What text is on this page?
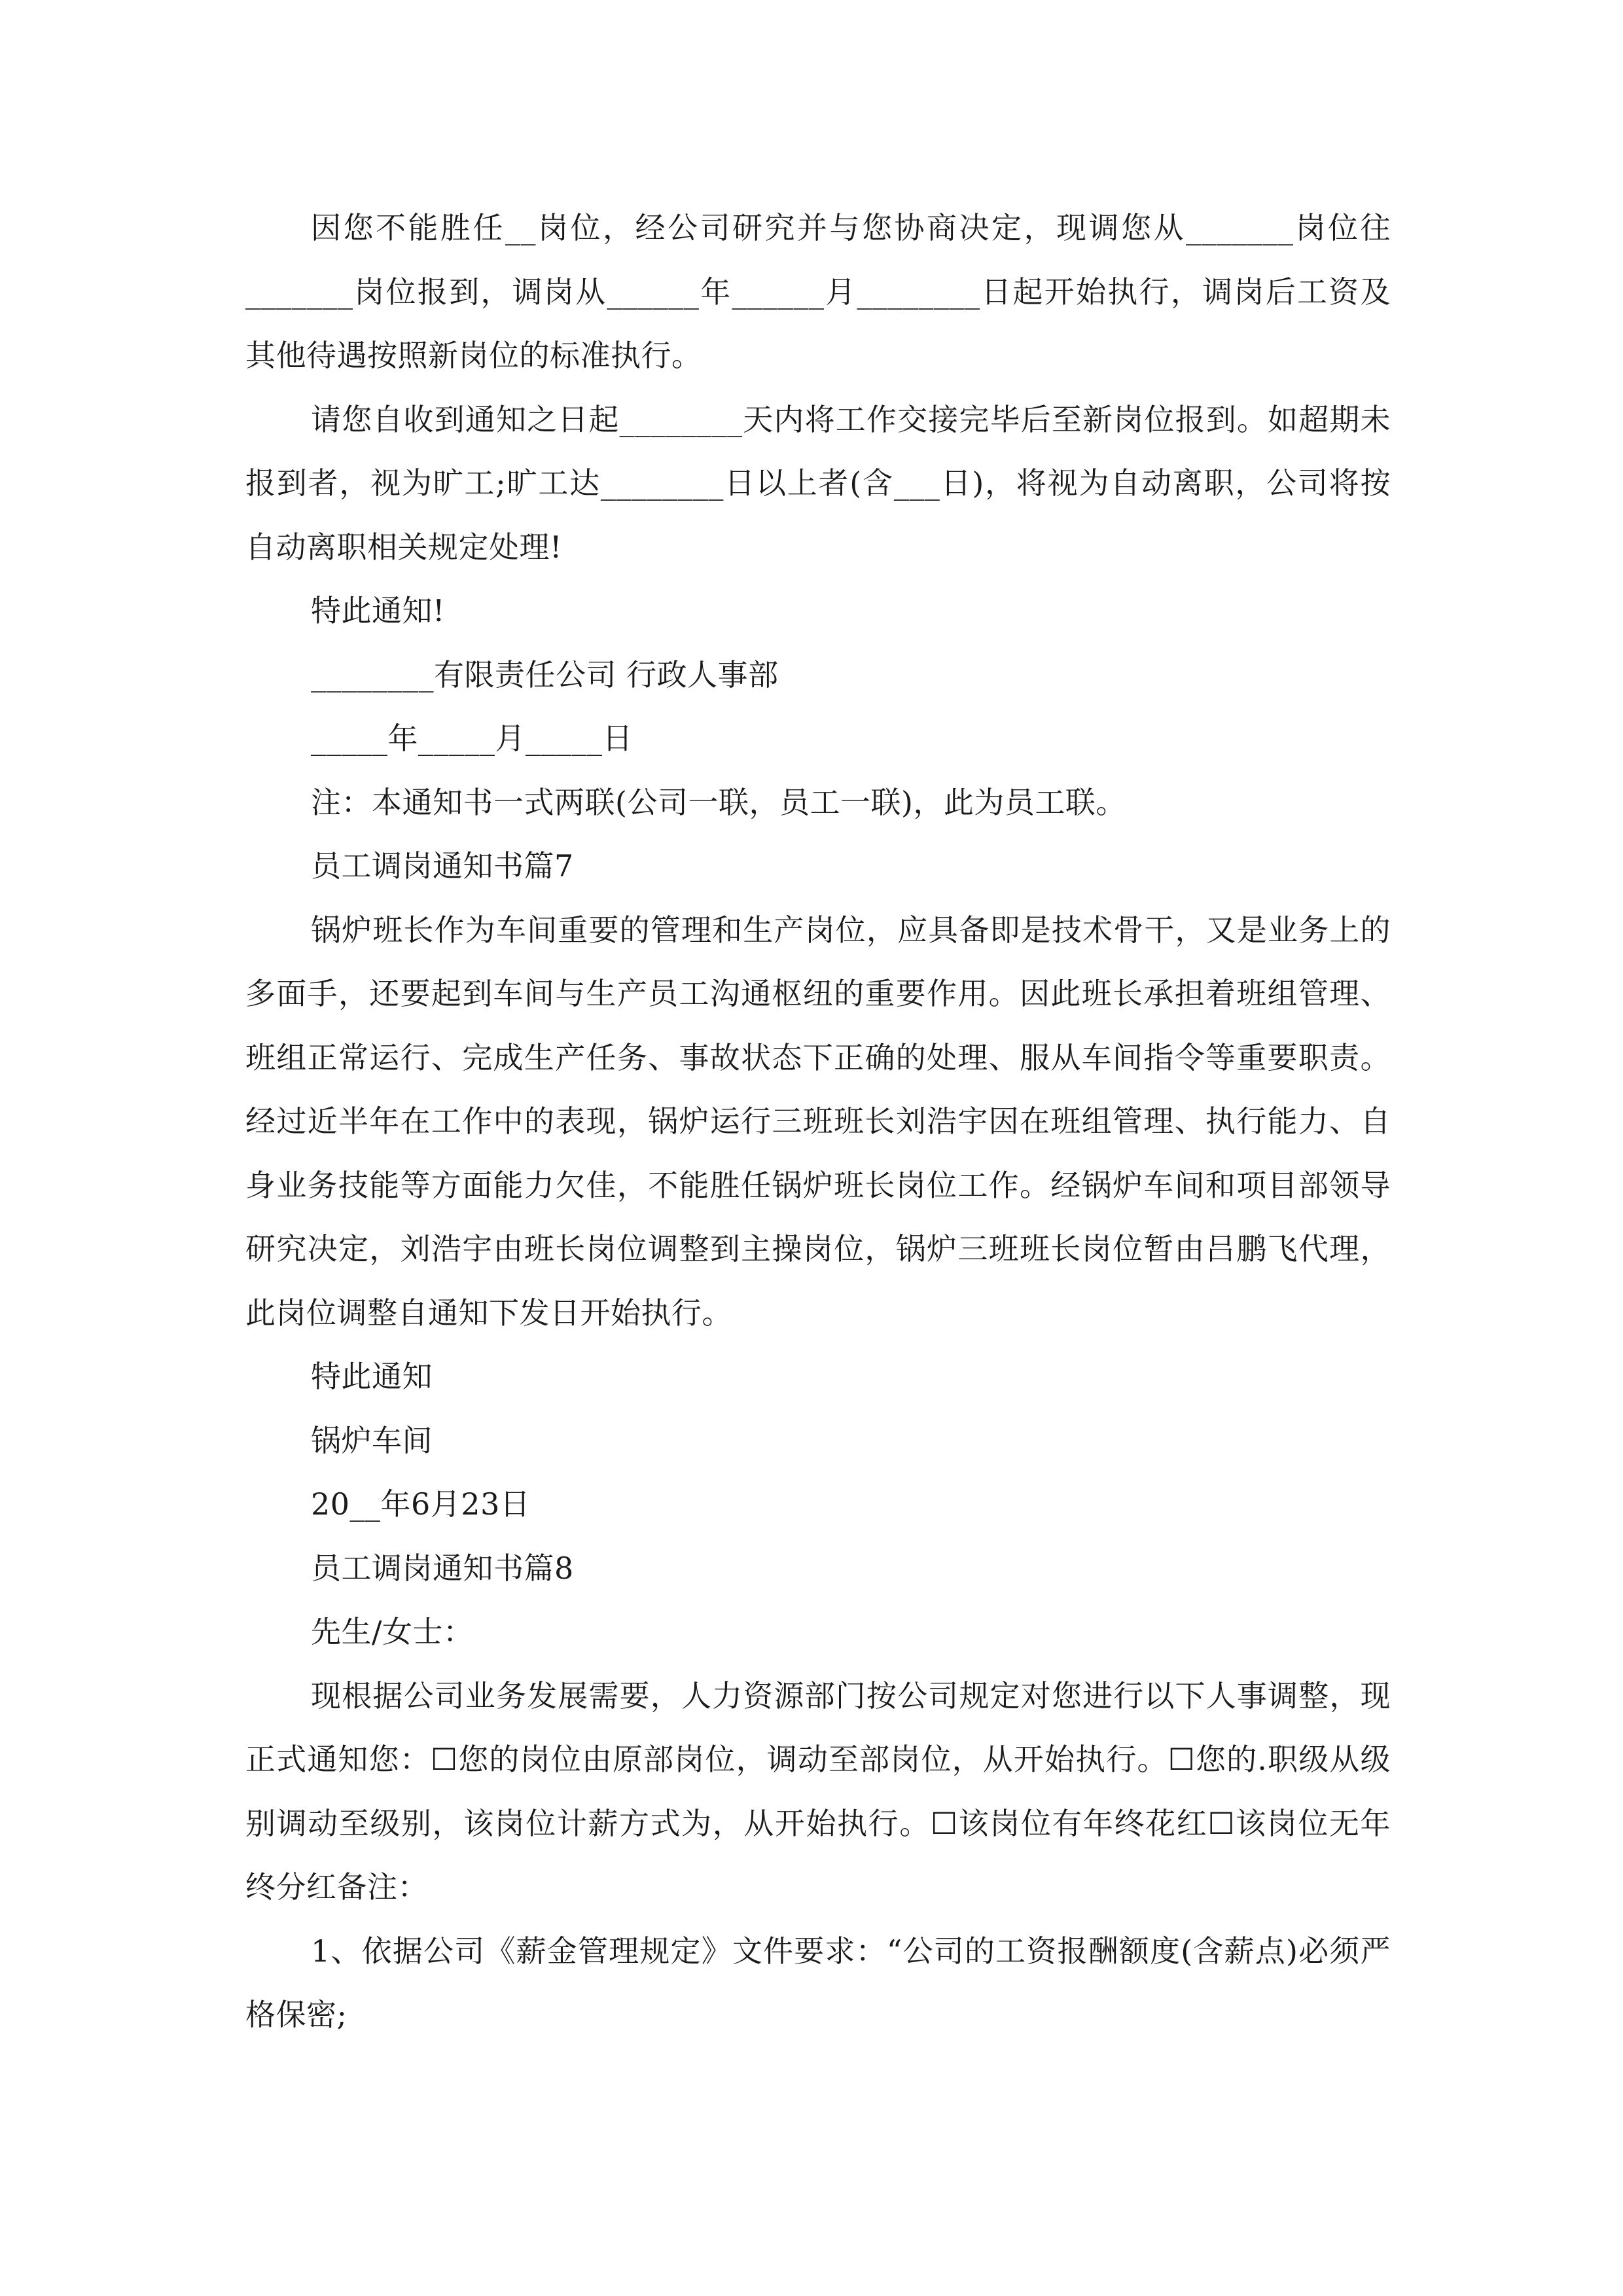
因您不能胜任__岗位，经公司研究并与您协商决定，现调您从_______岗位往_______岗位报到，调岗从______年______月________日起开始执行，调岗后工资及其他待遇按照新岗位的标准执行。

请您自收到通知之日起________天内将工作交接完毕后至新岗位报到。如超期未报到者，视为旷工;旷工达________日以上者(含___日)，将视为自动离职，公司将按自动离职相关规定处理!

特此通知!

________有限责任公司 行政人事部

_____年_____月_____日

注：本通知书一式两联(公司一联，员工一联)，此为员工联。

员工调岗通知书篇7

锅炉班长作为车间重要的管理和生产岗位，应具备即是技术骨干，又是业务上的多面手，还要起到车间与生产员工沟通枢纽的重要作用。因此班长承担着班组管理、班组正常运行、完成生产任务、事故状态下正确的处理、服从车间指令等重要职责。经过近半年在工作中的表现，锅炉运行三班班长刘浩宇因在班组管理、执行能力、自身业务技能等方面能力欠佳，不能胜任锅炉班长岗位工作。经锅炉车间和项目部领导研究决定，刘浩宇由班长岗位调整到主操岗位，锅炉三班班长岗位暂由吕鹏飞代理，此岗位调整自通知下发日开始执行。

特此通知

锅炉车间

20__年6月23日

员工调岗通知书篇8

先生/女士：

现根据公司业务发展需要，人力资源部门按公司规定对您进行以下人事调整，现正式通知您：☐您的岗位由原部岗位，调动至部岗位，从开始执行。☐您的.职级从级别调动至级别，该岗位计薪方式为，从开始执行。☐该岗位有年终花红☐该岗位无年终分红备注：

1、依据公司《薪金管理规定》文件要求：“公司的工资报酬额度(含薪点)必须严格保密;
